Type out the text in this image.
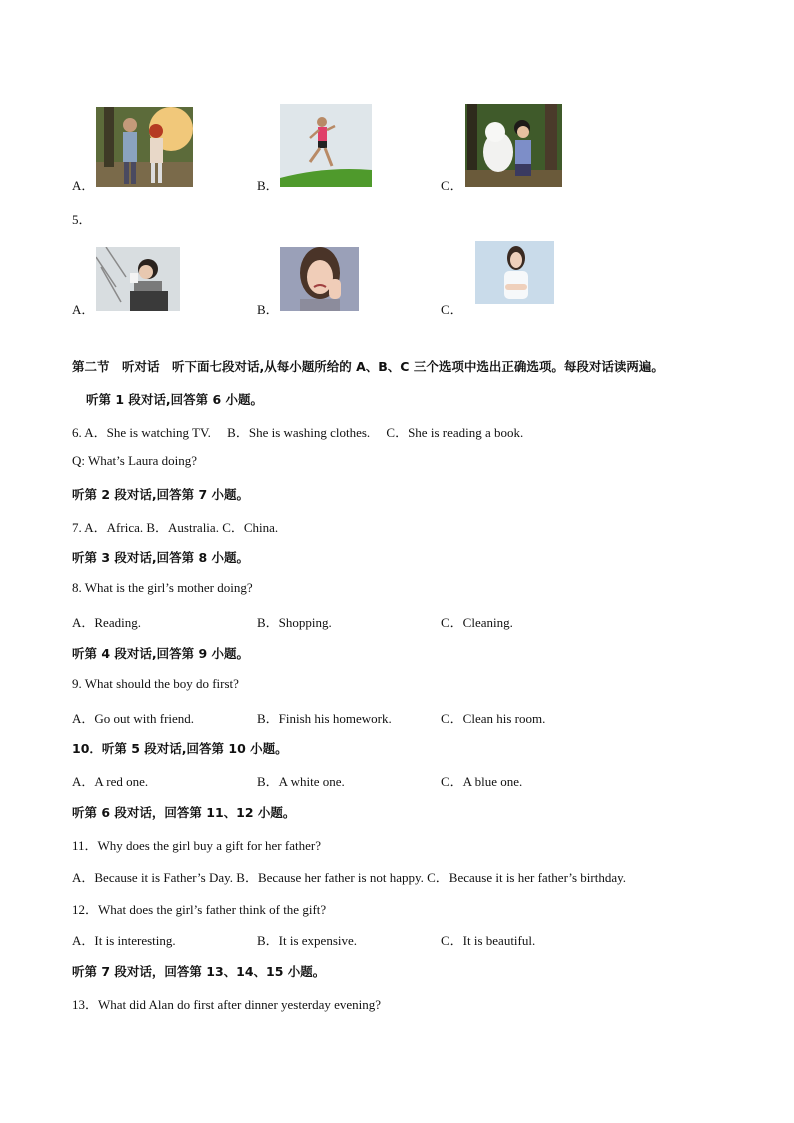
A．	B．	C．
5．
A．	B．	C．
第二节　听对话　听下面七段对话,从每小题所给的 A、B、C 三个选项中选出正确选项。每段对话读两遍。
听第 1 段对话,回答第 6 小题。
6. A．She is watching TV.　 B．She is washing clothes.　 C．She is reading a book.
Q: What’s Laura doing?
听第 2 段对话,回答第 7 小题。
7. A．Africa. B．Australia. C．China.
听第 3 段对话,回答第 8 小题。
8. What is the girl’s mother doing?
A．Reading.	B．Shopping.	C．Cleaning.
听第 4 段对话,回答第 9 小题。
9. What should the boy do first?
A．Go out with friend.	B．Finish his homework.	C．Clean his room.
10．听第 5 段对话,回答第 10 小题。
A．A red one.	B．A white one.	C．A blue one.
听第 6 段对话，回答第 11、12 小题。
11．Why does the girl buy a gift for her father?
A．Because it is Father’s Day. B．Because her father is not happy. C．Because it is her father’s birthday.
12．What does the girl’s father think of the gift?
A．It is interesting.	B．It is expensive.	C．It is beautiful.
听第 7 段对话，回答第 13、14、15 小题。
13．What did Alan do first after dinner yesterday evening?
